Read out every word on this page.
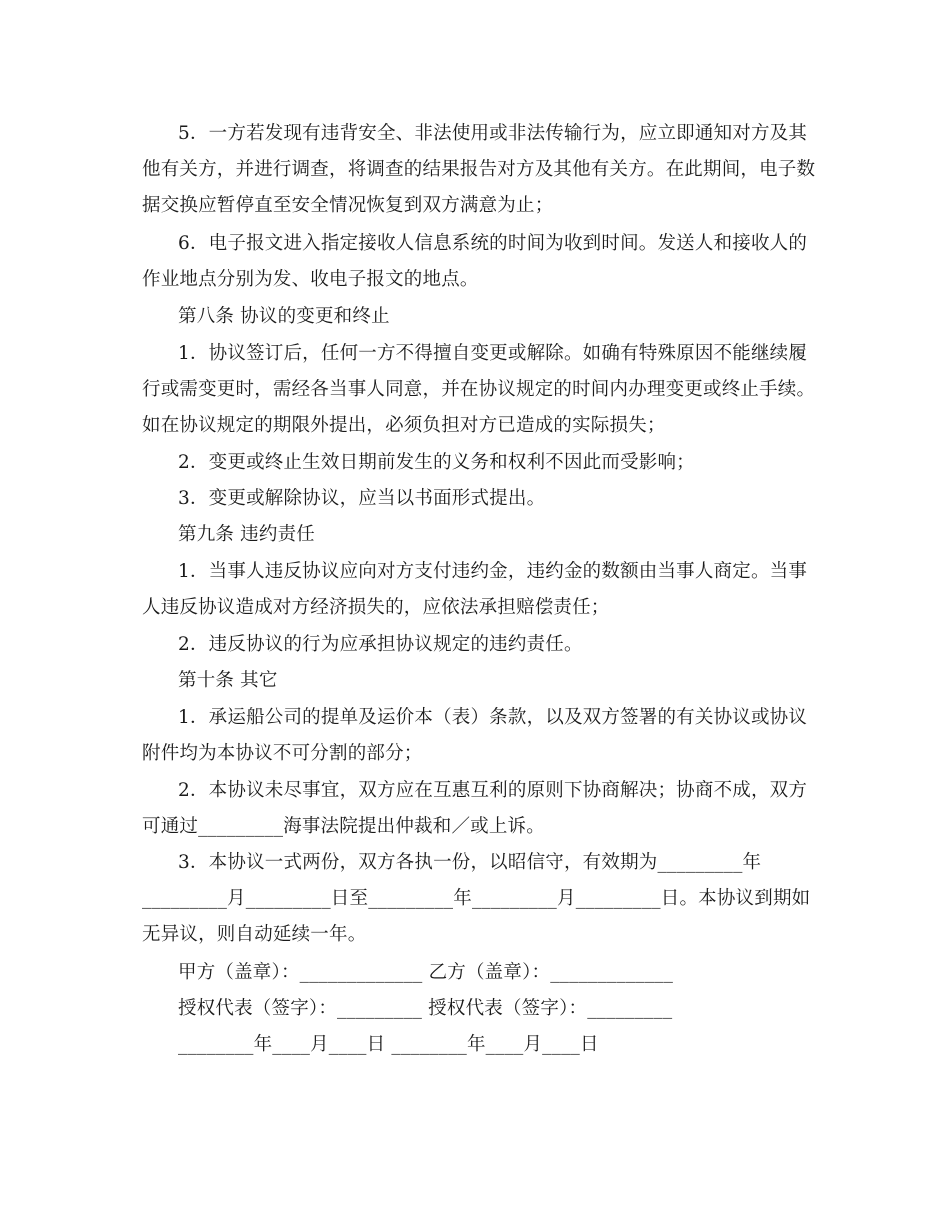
5．一方若发现有违背安全、非法使用或非法传输行为，应立即通知对方及其
他有关方，并进行调查，将调查的结果报告对方及其他有关方。在此期间，电子数
据交换应暂停直至安全情况恢复到双方满意为止；
6．电子报文进入指定接收人信息系统的时间为收到时间。发送人和接收人的
作业地点分别为发、收电子报文的地点。
第八条 协议的变更和终止
1．协议签订后，任何一方不得擅自变更或解除。如确有特殊原因不能继续履
行或需变更时，需经各当事人同意，并在协议规定的时间内办理变更或终止手续。
如在协议规定的期限外提出，必须负担对方已造成的实际损失；
2．变更或终止生效日期前发生的义务和权利不因此而受影响；
3．变更或解除协议，应当以书面形式提出。
第九条 违约责任
1．当事人违反协议应向对方支付违约金，违约金的数额由当事人商定。当事
人违反协议造成对方经济损失的，应依法承担赔偿责任；
2．违反协议的行为应承担协议规定的违约责任。
第十条 其它
1．承运船公司的提单及运价本（表）条款，以及双方签署的有关协议或协议
附件均为本协议不可分割的部分；
2．本协议未尽事宜，双方应在互惠互利的原则下协商解决；协商不成，双方
可通过_________海事法院提出仲裁和／或上诉。
3．本协议一式两份，双方各执一份，以昭信守，有效期为_________年
_________月_________日至_________年_________月_________日。本协议到期如
无异议，则自动延续一年。
甲方（盖章）：_____________ 乙方（盖章）：_____________
授权代表（签字）：_________ 授权代表（签字）：_________
________年____月____日 ________年____月____日
